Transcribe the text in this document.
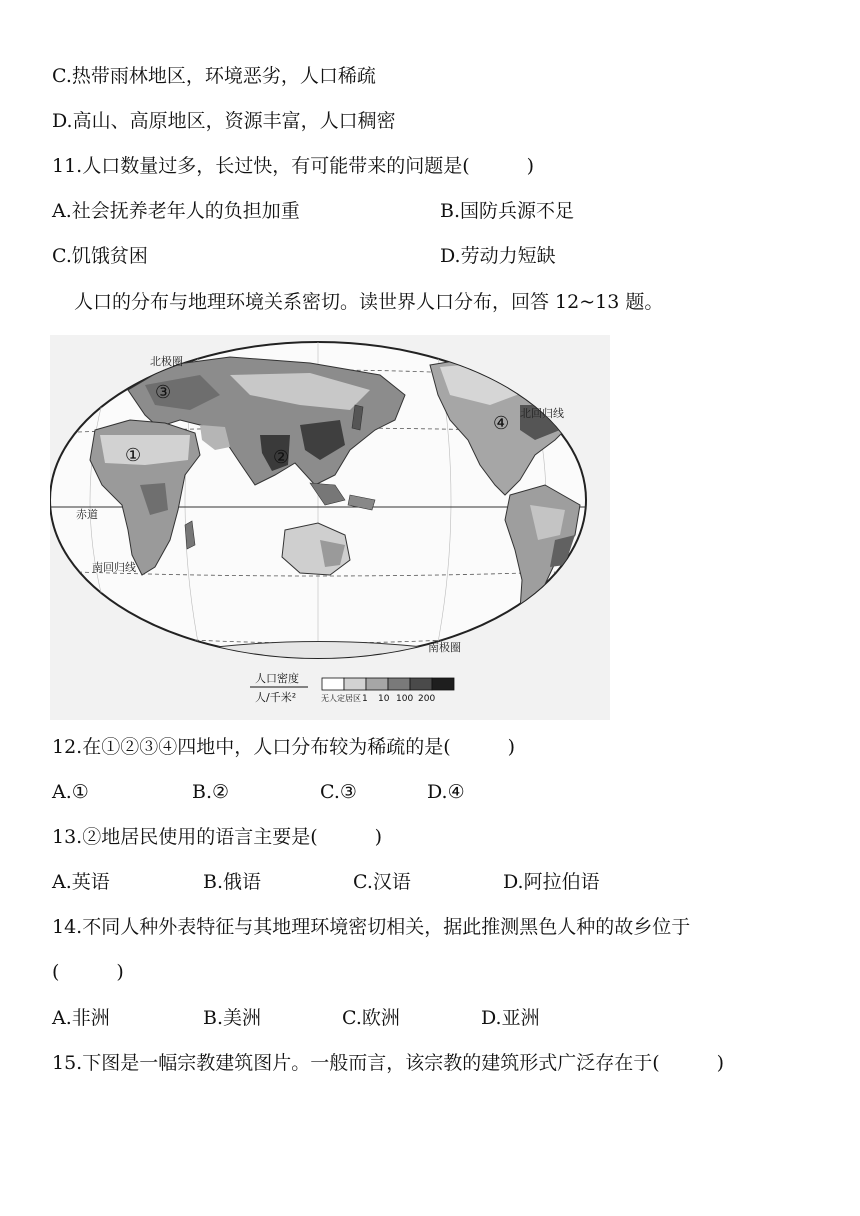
C.热带雨林地区，环境恶劣，人口稀疏
D.高山、高原地区，资源丰富，人口稠密
11.人口数量过多，长过快，有可能带来的问题是(　　　)
A.社会抚养老年人的负担加重	B.国防兵源不足
C.饥饿贫困	D.劳动力短缺
人口的分布与地理环境关系密切。读世界人口分布，回答 12~13 题。
北极圈
北回归线
赤道
南回归线
南极圈
①	②
③
④
人口密度
人/千米²	无人定居区 1 10 100 200
12.在①②③④四地中，人口分布较为稀疏的是(　　　)
A.①	B.②	C.③	D.④
13.②地居民使用的语言主要是(　　　)
A.英语	B.俄语	C.汉语	D.阿拉伯语
14.不同人种外表特征与其地理环境密切相关，据此推测黑色人种的故乡位于
(　　　)
A.非洲	B.美洲	C.欧洲	D.亚洲
15.下图是一幅宗教建筑图片。一般而言，该宗教的建筑形式广泛存在于(　　　)
